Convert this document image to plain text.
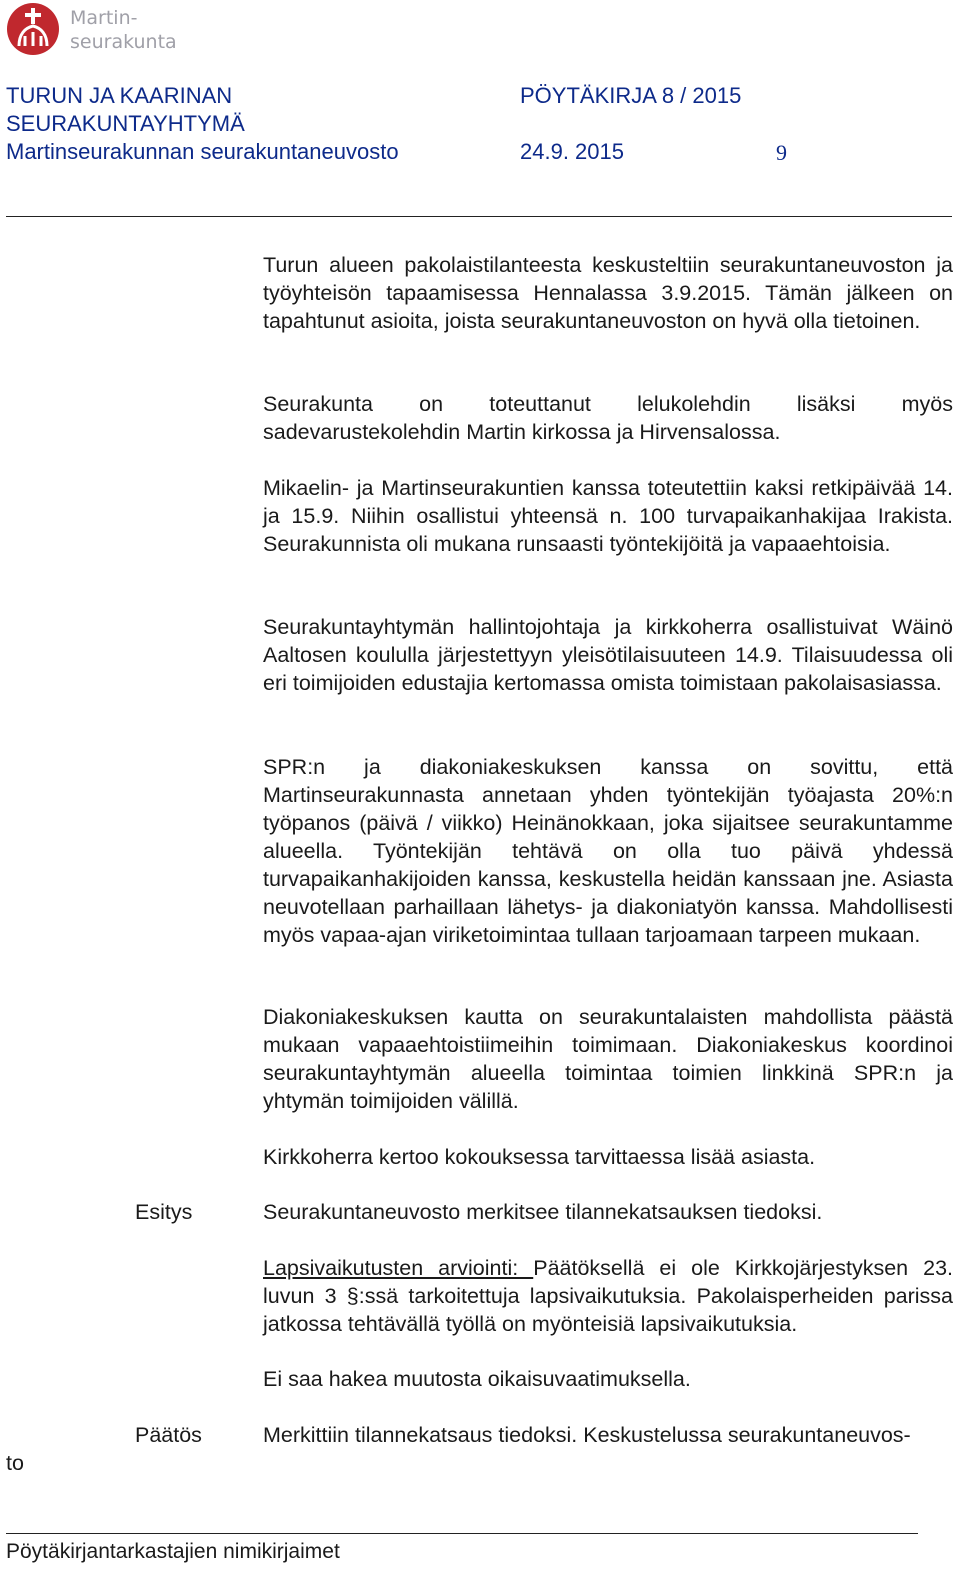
Martin-
seurakunta
TURUN JA KAARINAN
SEURAKUNTAYHTYMÄ
Martinseurakunnan seurakuntaneuvosto
PÖYTÄKIRJA 8 / 2015
24.9. 2015	9

Turun alueen pakolaistilanteesta keskusteltiin seurakuntaneuvoston ja työyhteisön tapaamisessa Hennalassa 3.9.2015. Tämän jälkeen on tapahtunut asioita, joista seurakuntaneuvoston on hyvä olla tietoinen.

Seurakunta on toteuttanut lelukolehdin lisäksi myös sadevarustekolehdin Martin kirkossa ja Hirvensalossa.

Mikaelin- ja Martinseurakuntien kanssa toteutettiin kaksi retkipäivää 14. ja 15.9. Niihin osallistui yhteensä n. 100 turvapaikanhakijaa Irakista. Seurakunnista oli mukana runsaasti työntekijöitä ja vapaaehtoisia.

Seurakuntayhtymän hallintojohtaja ja kirkkoherra osallistuivat Wäinö Aaltosen koululla järjestettyyn yleisötilaisuuteen 14.9. Tilaisuudessa oli eri toimijoiden edustajia kertomassa omista toimistaan pakolaisasiassa.

SPR:n ja diakoniakeskuksen kanssa on sovittu, että Martinseurakunnasta annetaan yhden työntekijän työajasta 20%:n työpanos (päivä / viikko) Heinänokkaan, joka sijaitsee seurakuntamme alueella. Työntekijän tehtävä on olla tuo päivä yhdessä turvapaikanhakijoiden kanssa, keskustella heidän kanssaan jne. Asiasta neuvotellaan parhaillaan lähetys- ja diakoniatyön kanssa. Mahdollisesti myös vapaa-ajan viriketoimintaa tullaan tarjoamaan tarpeen mukaan.

Diakoniakeskuksen kautta on seurakuntalaisten mahdollista päästä mukaan vapaaehtoistiimeihin toimimaan. Diakoniakeskus koordinoi seurakuntayhtymän alueella toimintaa toimien linkkinä SPR:n ja yhtymän toimijoiden välillä.

Kirkkoherra kertoo kokouksessa tarvittaessa lisää asiasta.

Esitys	Seurakuntaneuvosto merkitsee tilannekatsauksen tiedoksi.

Lapsivaikutusten arviointi: Päätöksellä ei ole Kirkkojärjestyksen 23. luvun 3 §:ssä tarkoitettuja lapsivaikutuksia. Pakolaisperheiden parissa jatkossa tehtävällä työllä on myönteisiä lapsivaikutuksia.

Ei saa hakea muutosta oikaisuvaatimuksella.

Päätös	Merkittiin tilannekatsaus tiedoksi. Keskustelussa seurakuntaneuvos-

to
Pöytäkirjantarkastajien nimikirjaimet
